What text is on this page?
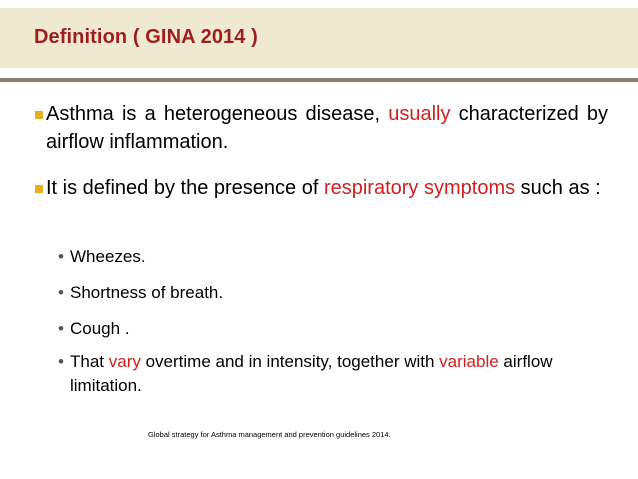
Definition ( GINA 2014 )
Asthma is a heterogeneous disease, usually characterized by airflow inflammation.
It is defined by the presence of respiratory symptoms such as :
• Wheezes.
• Shortness of breath.
• Cough .
• That vary overtime and in intensity, together with variable airflow limitation.
Global strategy for Asthma management and prevention guidelines 2014.
